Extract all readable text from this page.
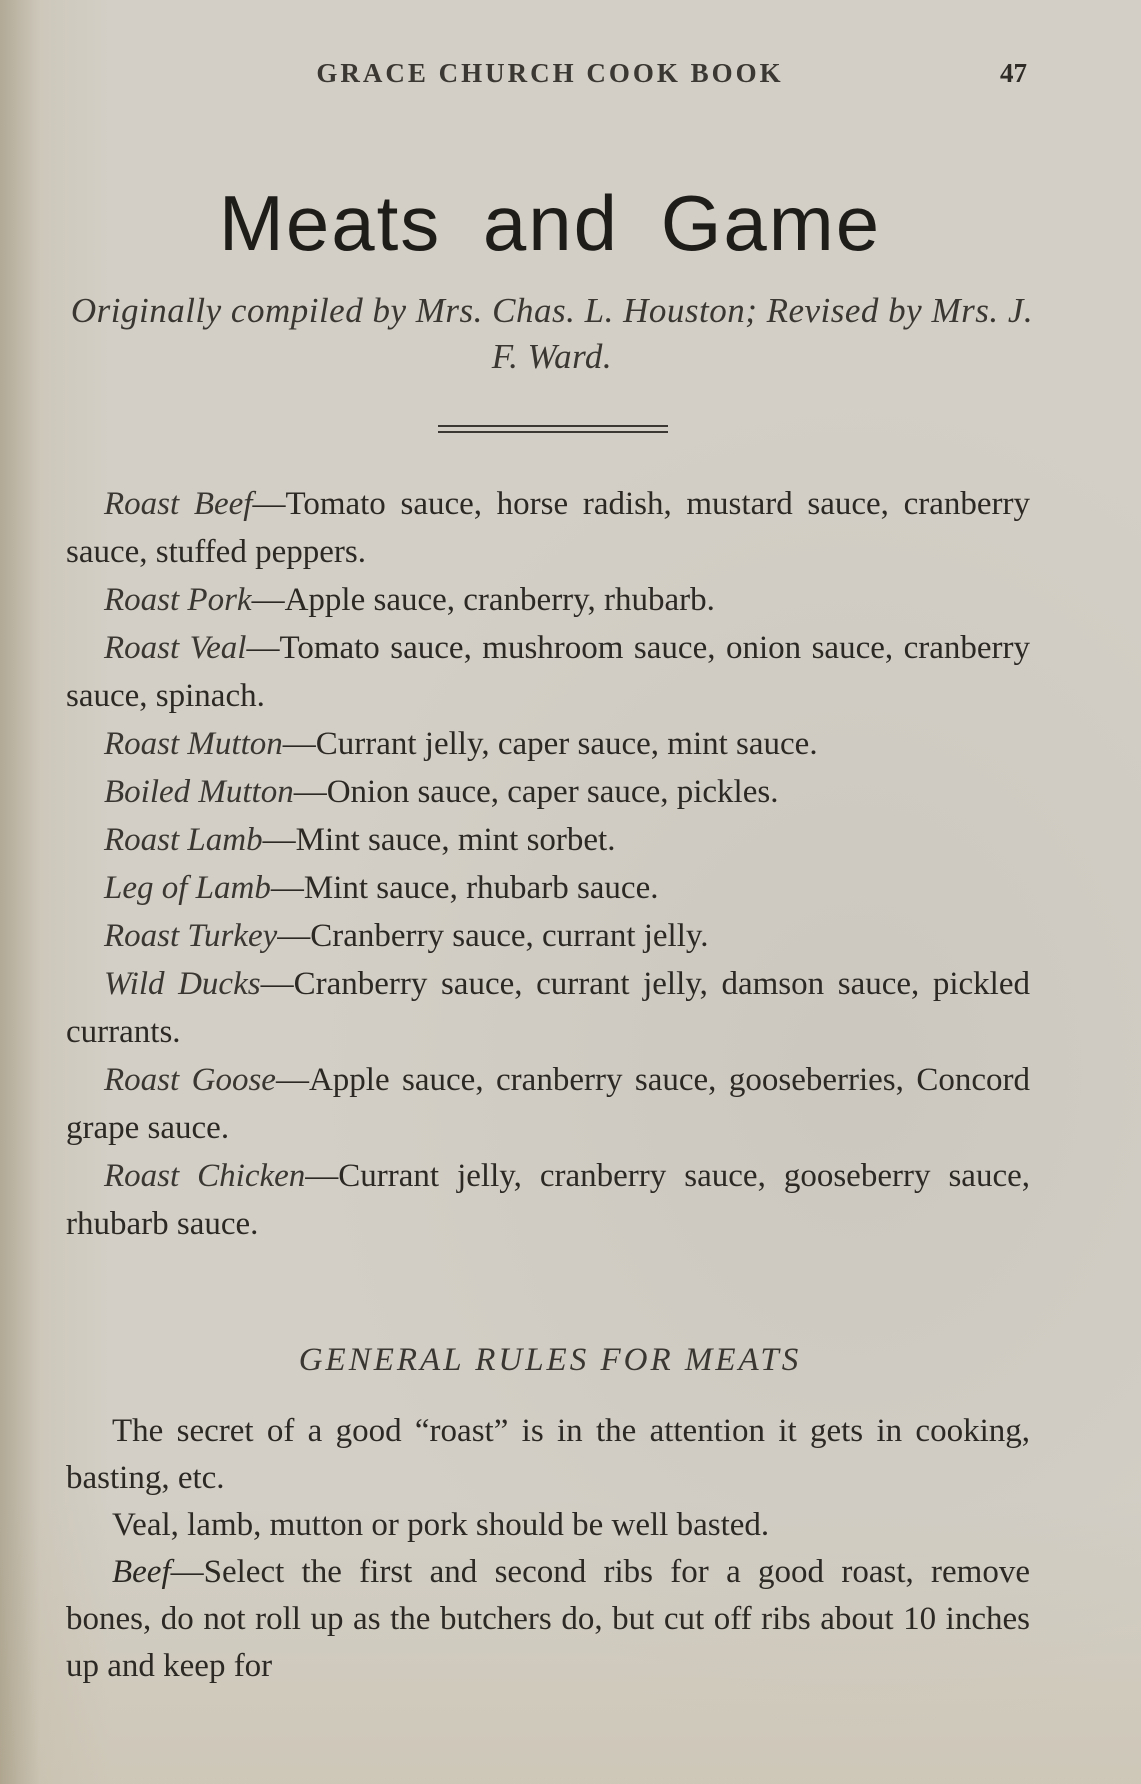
GRACE CHURCH COOK BOOK	47
Meats and Game
Originally compiled by Mrs. Chas. L. Houston; Revised by Mrs. J. F. Ward.

Roast Beef—Tomato sauce, horse radish, mustard sauce, cranberry sauce, stuffed peppers.

Roast Pork—Apple sauce, cranberry, rhubarb.

Roast Veal—Tomato sauce, mushroom sauce, onion sauce, cranberry sauce, spinach.

Roast Mutton—Currant jelly, caper sauce, mint sauce.

Boiled Mutton—Onion sauce, caper sauce, pickles.

Roast Lamb—Mint sauce, mint sorbet.

Leg of Lamb—Mint sauce, rhubarb sauce.

Roast Turkey—Cranberry sauce, currant jelly.

Wild Ducks—Cranberry sauce, currant jelly, damson sauce, pickled currants.

Roast Goose—Apple sauce, cranberry sauce, gooseberries, Concord grape sauce.

Roast Chicken—Currant jelly, cranberry sauce, gooseberry sauce, rhubarb sauce.

GENERAL RULES FOR MEATS

The secret of a good “roast” is in the attention it gets in cooking, basting, etc.

Veal, lamb, mutton or pork should be well basted.

Beef—Select the first and second ribs for a good roast, remove bones, do not roll up as the butchers do, but cut off ribs about 10 inches up and keep for
